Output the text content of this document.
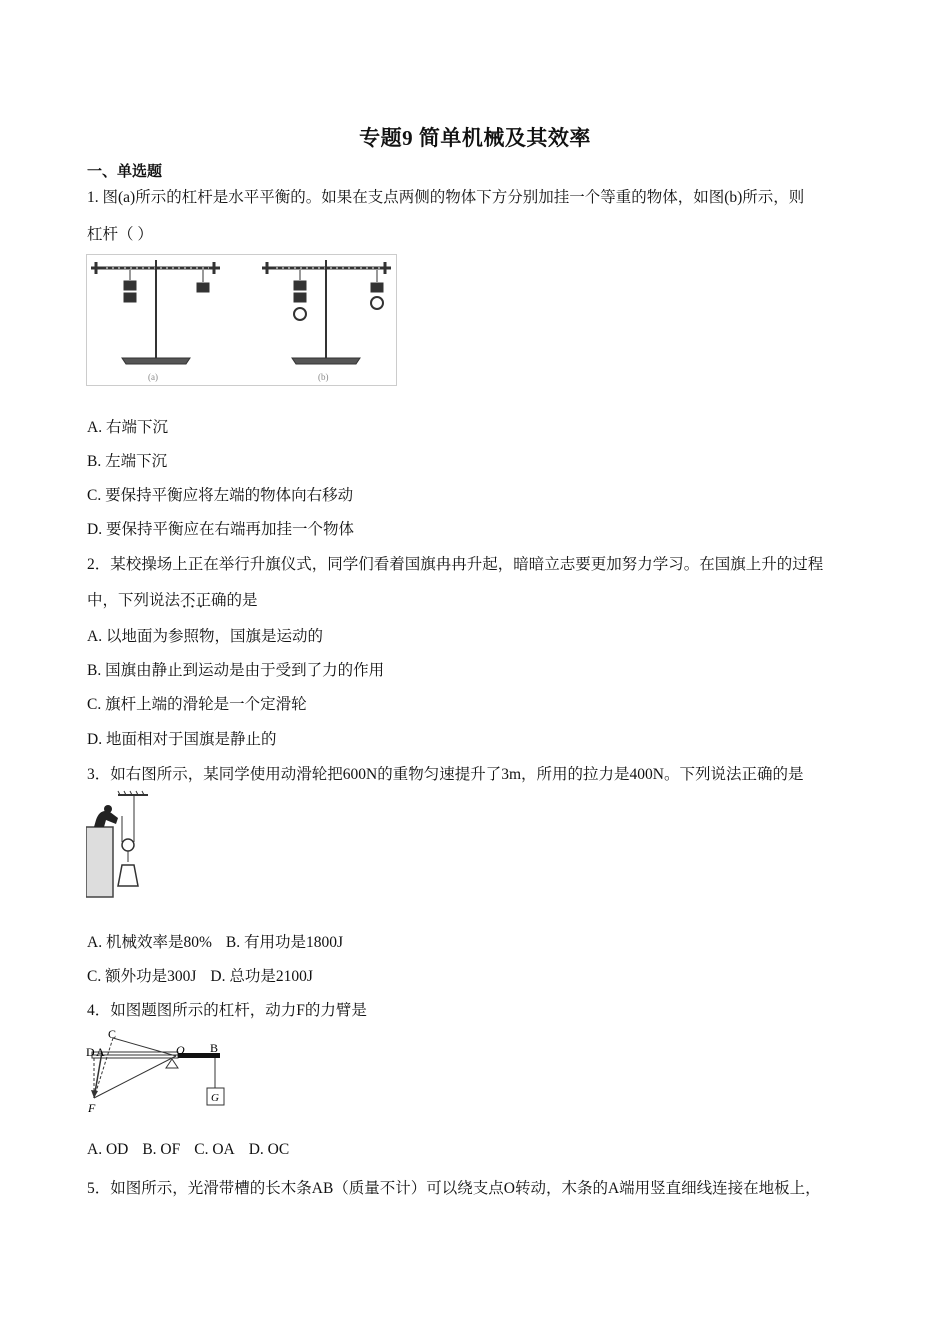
专题9 简单机械及其效率
一、单选题
1. 图(a)所示的杠杆是水平平衡的。如果在支点两侧的物体下方分别加挂一个等重的物体，如图(b)所示，则
杠杆（ ）
(a)	(b)
A. 右端下沉
B. 左端下沉
C. 要保持平衡应将左端的物体向右移动
D. 要保持平衡应在右端再加挂一个物体
2．某校操场上正在举行升旗仪式，同学们看着国旗冉冉升起，暗暗立志要更加努力学习。在国旗上升的过程
中，下列说法不正确 · · ·的是
A. 以地面为参照物，国旗是运动的
B. 国旗由静止到运动是由于受到了力的作用
C. 旗杆上端的滑轮是一个定滑轮
D. 地面相对于国旗是静止的
3．如右图所示，某同学使用动滑轮把600N的重物匀速提升了3m，所用的拉力是400N。下列说法正确的是
A. 机械效率是80% B. 有用功是1800J
C. 额外功是300J D. 总功是2100J
4．如图题图所示的杠杆，动力F的力臂是
C
D A	O B
F
G
A. OD B. OF C. OA D. OC
5．如图所示，光滑带槽的长木条AB（质量不计）可以绕支点O转动，木条的A端用竖直细线连接在地板上，
